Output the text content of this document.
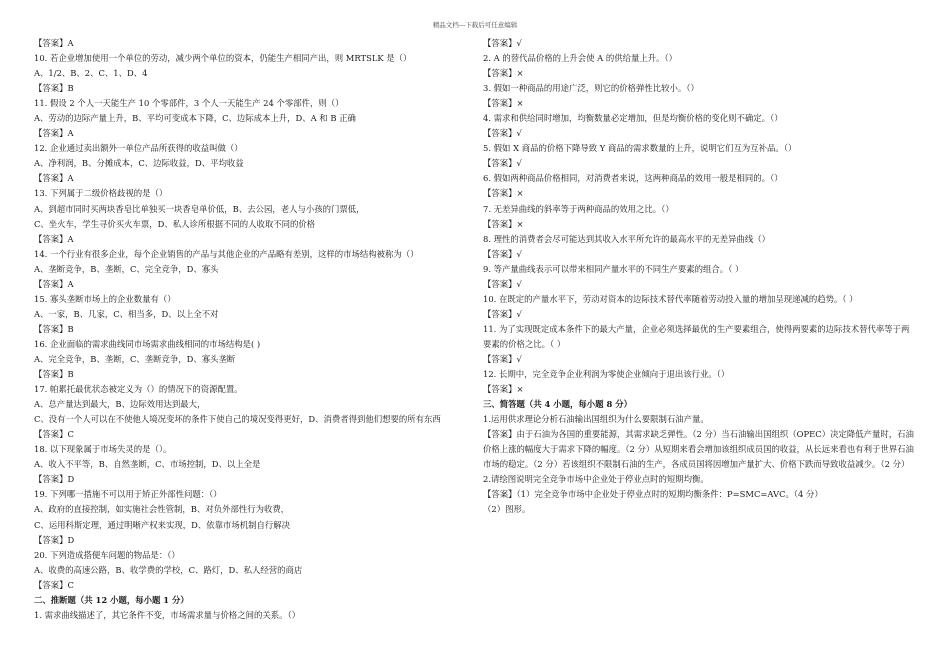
精品文档---下载后可任意编辑
【答案】A
10. 若企业增加使用一个单位的劳动，减少两个单位的资本，仍能生产相同产出，则 MRTSLK 是（）
A、1/2、B、2、C、1、D、4
【答案】B
11. 假设 2 个人一天能生产 10 个零部件，3 个人一天能生产 24 个零部件，则（）
A、劳动的边际产量上升，B、平均可变成本下降，C、边际成本上升，D、A 和 B 正确
【答案】A
12. 企业通过卖出额外一单位产品所获得的收益叫做（）
A、净利润，B、分摊成本，C、边际收益，D、平均收益
【答案】A
13. 下列属于二级价格歧视的是（）
A、到超市同时买两块香皂比单独买一块香皂单价低，B、去公园，老人与小孩的门票低，
C、坐火车，学生寻价买火车票，D、私人诊所根据不同的人收取不同的价格
【答案】A
14. 一个行业有很多企业，每个企业销售的产品与其他企业的产品略有差别，这样的市场结构被称为（）
A、垄断竞争，B、垄断，C、完全竞争，D、寡头
【答案】A
15. 寡头垄断市场上的企业数量有（）
A、一家，B、几家，C、相当多，D、以上全不对
【答案】B
16. 企业面临的需求曲线同市场需求曲线相同的市场结构是( )
A、完全竞争，B、垄断，C、垄断竞争，D、寡头垄断
【答案】B
17. 帕累托最优状态被定义为（）的情况下的资源配置。
A、总产量达到最大，B、边际效用达到最大，
C、没有一个人可以在不使他人境况变坏的条件下使自己的境况变得更好，D、消费者得到他们想要的所有东西
【答案】C
18. 以下现象属于市场失灵的是（）。
A、收入不平等，B、自然垄断，C、市场控制，D、以上全是
【答案】D
19. 下列哪一措施不可以用于矫正外部性问题：（）
A、政府的直接控制，如实施社会性管制，B、对负外部性行为收费，
C、运用科斯定理，通过明晰产权来实现，D、依靠市场机制自行解决
【答案】D
20. 下列造成搭便车问题的物品是：（）
A、收费的高速公路，B、收学费的学校，C、路灯，D、私人经营的商店
【答案】C
二、推断题（共 12 小题，每小题 1 分）
1. 需求曲线描述了，其它条件不变，市场需求量与价格之间的关系。（）
【答案】√
2. A 的替代品价格的上升会使 A 的供给量上升。（）
【答案】×
3. 假如一种商品的用途广泛，则它的价格弹性比较小。（）
【答案】×
4. 需求和供给同时增加，均衡数量必定增加，但是均衡价格的变化则不确定。（）
【答案】√
5. 假如 X 商品的价格下降导致 Y 商品的需求数量的上升，说明它们互为互补品。（）
【答案】√
6. 假如两种商品价格相同，对消费者来说，这两种商品的效用一般是相同的。（）
【答案】×
7. 无差异曲线的斜率等于两种商品的效用之比。（）
【答案】×
8. 理性的消费者会尽可能达到其收入水平所允许的最高水平的无差异曲线（）
【答案】√
9. 等产量曲线表示可以带来相同产量水平的不同生产要素的组合。（ ）
【答案】√
10. 在既定的产量水平下，劳动对资本的边际技术替代率随着劳动投入量的增加呈现递减的趋势。（ ）
【答案】√
11. 为了实现既定成本条件下的最大产量，企业必须选择最优的生产要素组合，使得两要素的边际技术替代率等于两要素的价格之比。（ ）
【答案】√
12. 长期中，完全竞争企业利润为零使企业倾向于退出该行业。（）
【答案】×
三、简答题（共 4 小题，每小题 8 分）
1.运用供求理论分析石油输出国组织为什么要限制石油产量。
【答案】由于石油为各国的重要能源，其需求缺乏弹性。（2 分）当石油输出国组织（OPEC）决定降低产量时，石油价格上涨的幅度大于需求下降的幅度。（2 分）从短期来看会增加该组织成员国的收益，从长远来看也有利于世界石油市场的稳定。（2 分）若该组织不限制石油的生产，各成员国将因增加产量扩大、价格下跌而导致收益减少。（2 分）
2.请绘图说明完全竞争市场中企业处于停业点时的短期均衡。
【答案】（1）完全竞争市场中企业处于停业点时的短期均衡条件：P=SMC=AVC。（4 分）
（2）图形。
